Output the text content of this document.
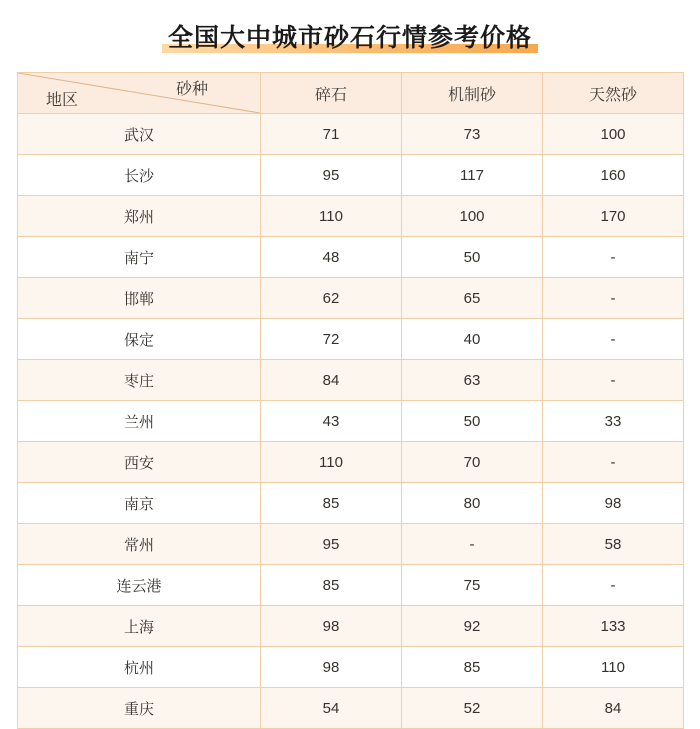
全国大中城市砂石行情参考价格
砂种
地区	碎石	机制砂	天然砂
武汉	71	73	100
长沙	95	117	160
郑州	110	100	170
南宁	48	50	-
邯郸	62	65	-
保定	72	40	-
枣庄	84	63	-
兰州	43	50	33
西安	110	70	-
南京	85	80	98
常州	95	-	58
连云港	85	75	-
上海	98	92	133
杭州	98	85	110
重庆	54	52	84
